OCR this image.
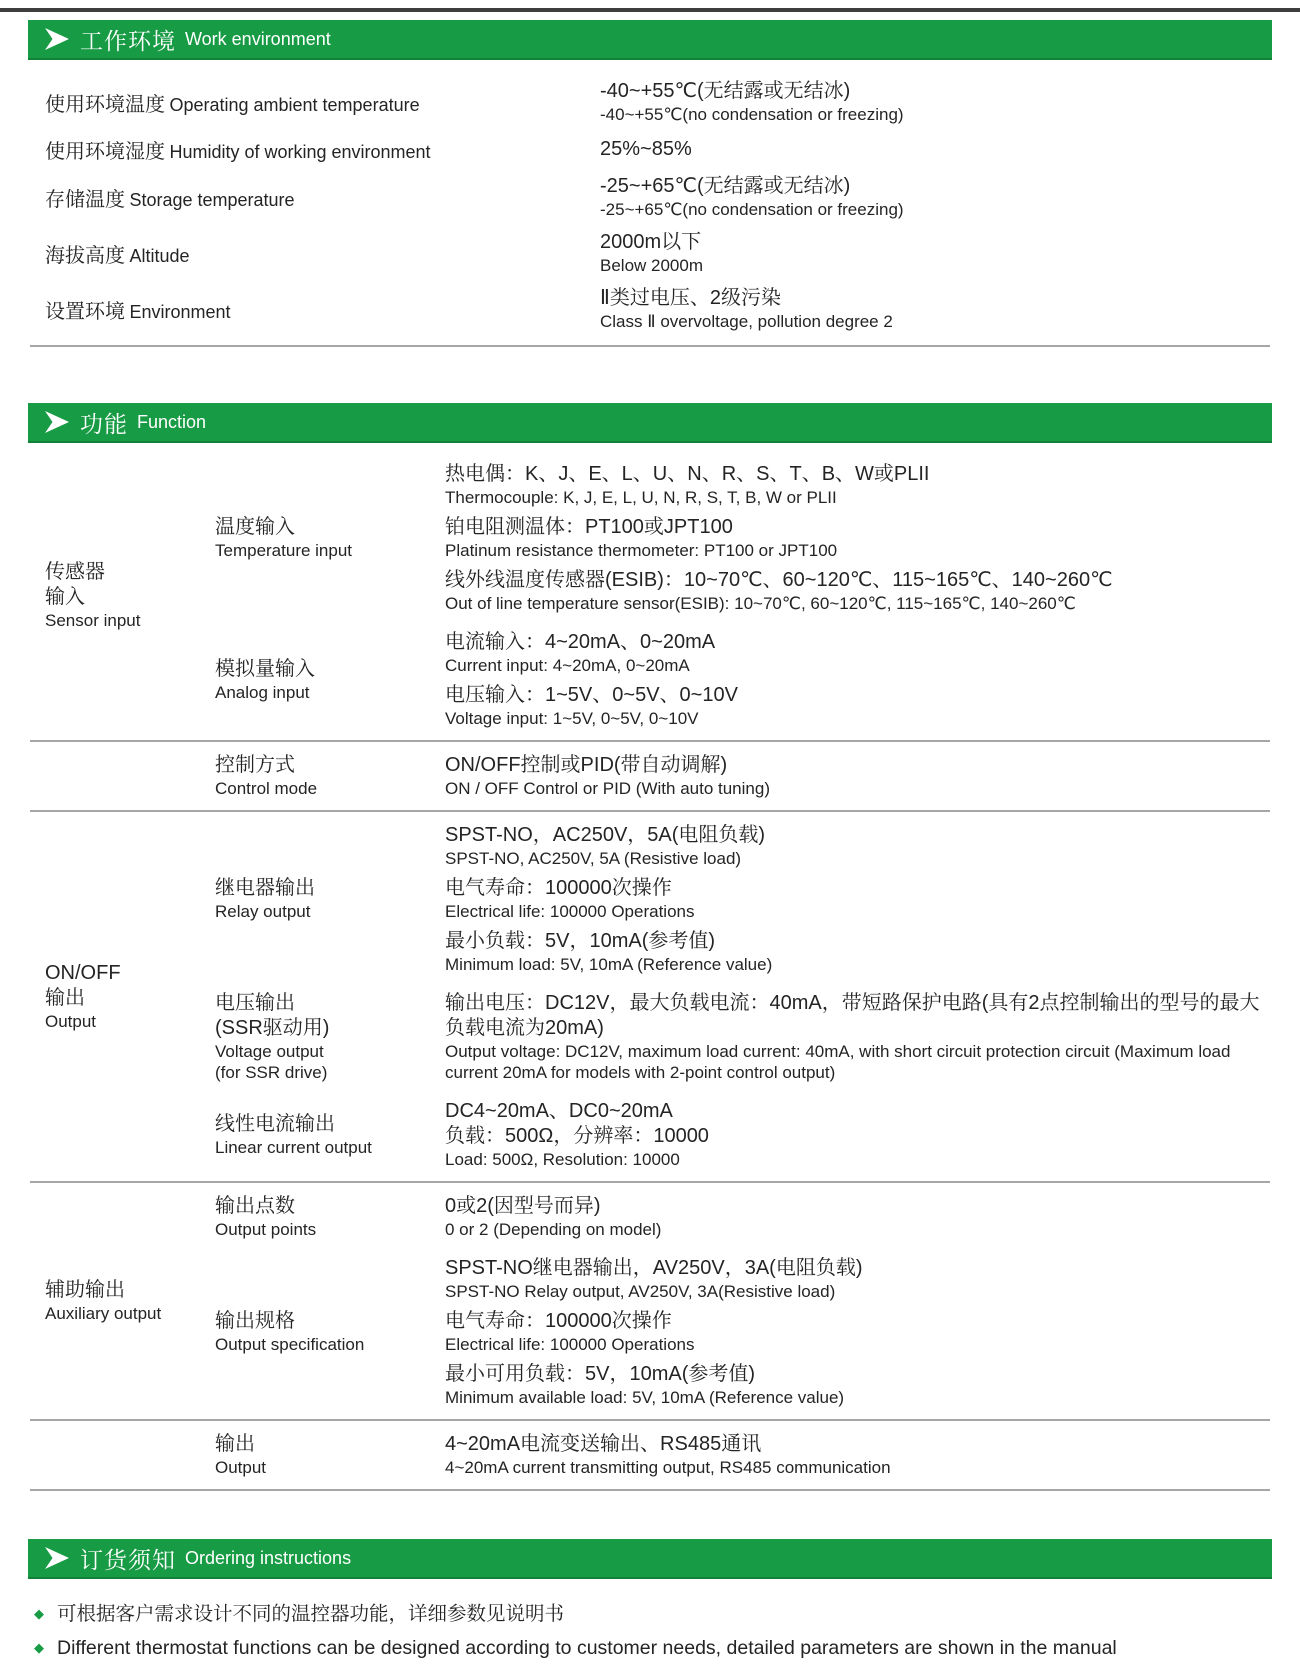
工作环境 Work environment
使用环境温度 Operating ambient temperature
-40~+55℃(无结露或无结冰)
-40~+55℃(no condensation or freezing)
使用环境湿度 Humidity of working environment	25%~85%
存储温度 Storage temperature
-25~+65℃(无结露或无结冰)
-25~+65℃(no condensation or freezing)
海拔高度 Altitude
2000m以下
Below 2000m
设置环境 Environment
Ⅱ类过电压、2级污染
Class Ⅱ overvoltage, pollution degree 2
功能 Function
传感器
输入
Sensor input
温度输入
Temperature input
热电偶：K、J、E、L、U、N、R、S、T、B、W或PLII
Thermocouple: K, J, E, L, U, N, R, S, T, B, W or PLII
铂电阻测温体：PT100或JPT100
Platinum resistance thermometer: PT100 or JPT100
线外线温度传感器(ESIB)：10~70℃、60~120℃、115~165℃、140~260℃
Out of line temperature sensor(ESIB): 10~70℃, 60~120℃, 115~165℃, 140~260℃
模拟量输入
Analog input
电流输入：4~20mA、0~20mA
Current input: 4~20mA, 0~20mA
电压输入：1~5V、0~5V、0~10V
Voltage input: 1~5V, 0~5V, 0~10V
控制方式
Control mode
ON/OFF控制或PID(带自动调解)
ON / OFF Control or PID (With auto tuning)
ON/OFF
输出
Output
继电器输出
Relay output
SPST-NO，AC250V，5A(电阻负载)
SPST-NO, AC250V, 5A (Resistive load)
电气寿命：100000次操作
Electrical life: 100000 Operations
最小负载：5V，10mA(参考值)
Minimum load: 5V, 10mA (Reference value)
电压输出
(SSR驱动用)
Voltage output
(for SSR drive)
输出电压：DC12V，最大负载电流：40mA，带短路保护电路(具有2点控制输出的型号的最大负载电流为20mA)
Output voltage: DC12V, maximum load current: 40mA, with short circuit protection circuit (Maximum load current 20mA for models with 2-point control output)
线性电流输出
Linear current output
DC4~20mA、DC0~20mA
负载：500Ω，分辨率：10000
Load: 500Ω, Resolution: 10000
辅助输出
Auxiliary output
输出点数
Output points
0或2(因型号而异)
0 or 2 (Depending on model)
输出规格
Output specification
SPST-NO继电器输出，AV250V，3A(电阻负载)
SPST-NO Relay output, AV250V, 3A(Resistive load)
电气寿命：100000次操作
Electrical life: 100000 Operations
最小可用负载：5V，10mA(参考值)
Minimum available load: 5V, 10mA (Reference value)
输出
Output
4~20mA电流变送输出、RS485通讯
4~20mA current transmitting output, RS485 communication
订货须知 Ordering instructions
◆ 可根据客户需求设计不同的温控器功能，详细参数见说明书
◆ Different thermostat functions can be designed according to customer needs, detailed parameters are shown in the manual
